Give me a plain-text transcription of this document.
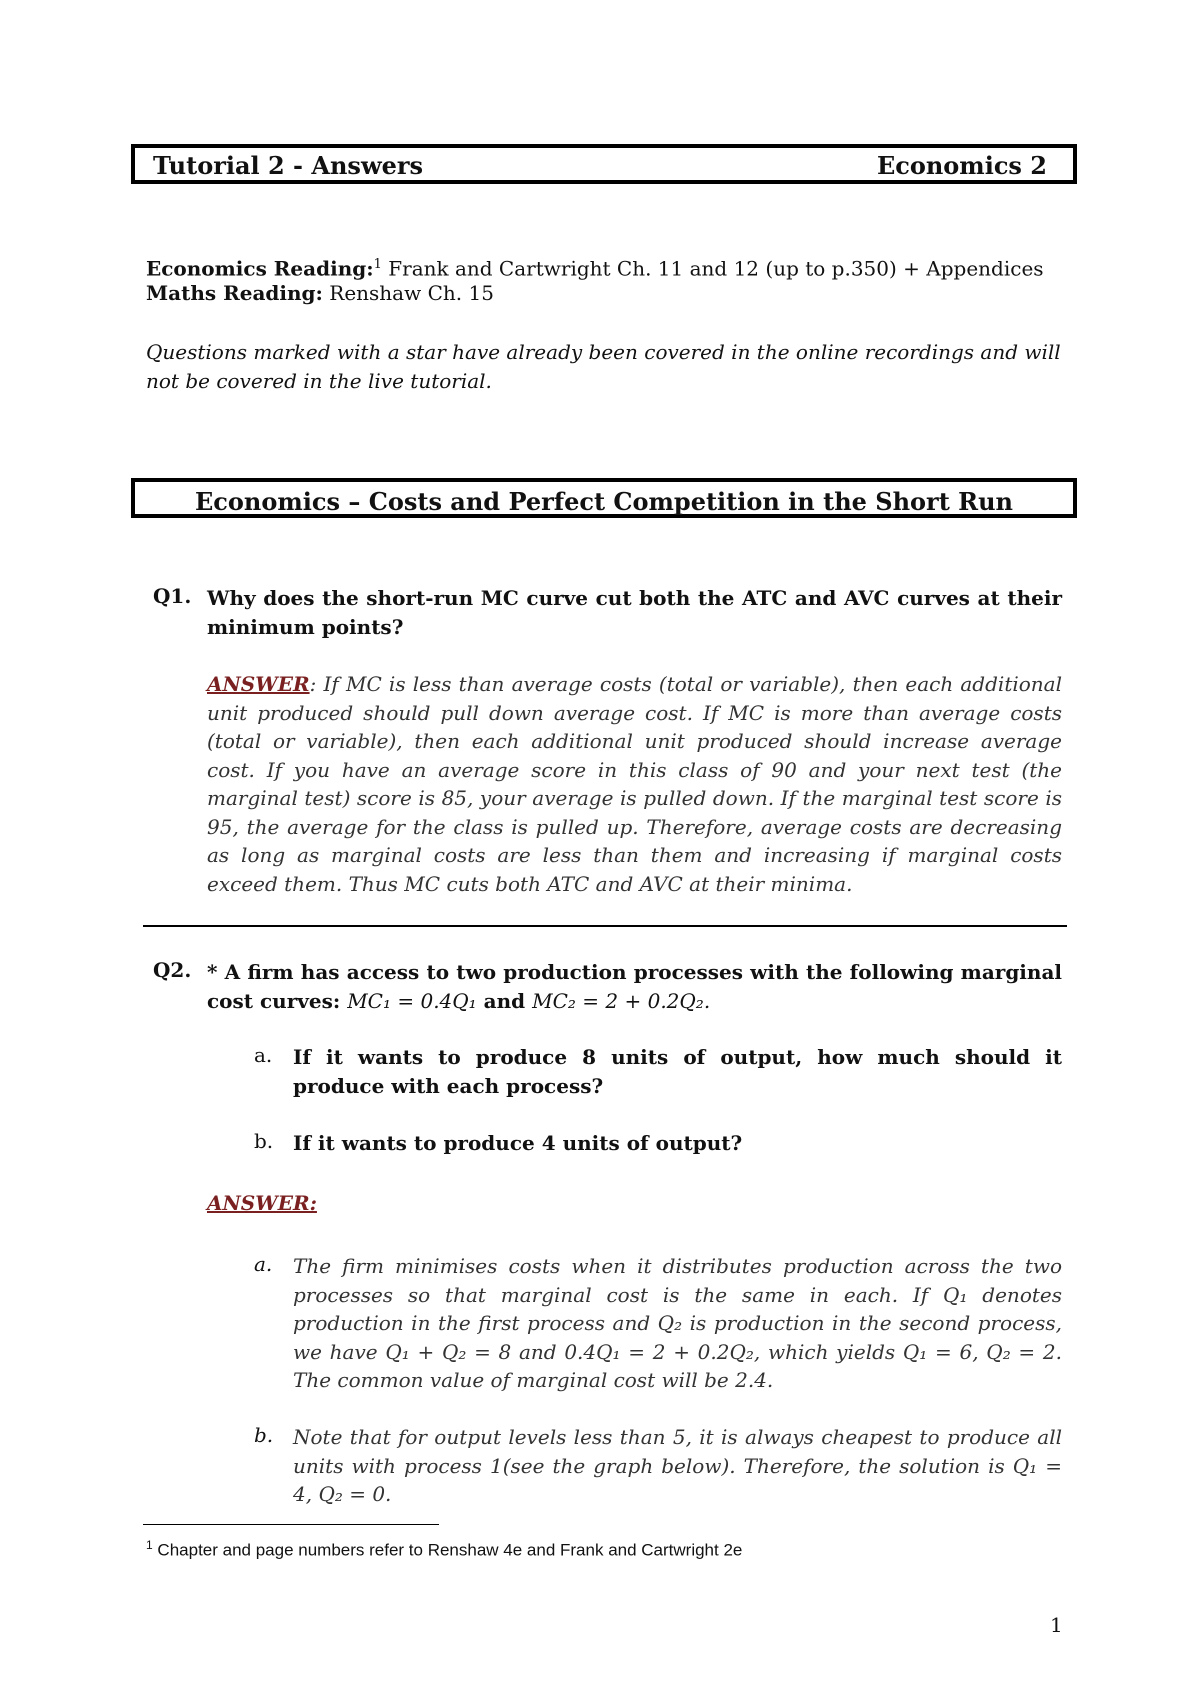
Tutorial 2 - Answers	Economics 2
Economics Reading:$^1$ Frank and Cartwright Ch. 11 and 12 (up to p.350) + Appendices
Maths Reading: Renshaw Ch. 15
Questions marked with a star have already been covered in the online recordings and will not be covered in the live tutorial.
Economics – Costs and Perfect Competition in the Short Run
Q1. Why does the short-run MC curve cut both the ATC and AVC curves at their minimum points?
ANSWER: If MC is less than average costs (total or variable), then each additional unit produced should pull down average cost. If MC is more than average costs (total or variable), then each additional unit produced should increase average cost. If you have an average score in this class of 90 and your next test (the marginal test) score is 85, your average is pulled down. If the marginal test score is 95, the average for the class is pulled up. Therefore, average costs are decreasing as long as marginal costs are less than them and increasing if marginal costs exceed them. Thus MC cuts both ATC and AVC at their minima.
Q2. * A firm has access to two production processes with the following marginal cost curves: MC₁ = 0.4Q₁ and MC₂ = 2 + 0.2Q₂.
a. If it wants to produce 8 units of output, how much should it produce with each process?
b. If it wants to produce 4 units of output?
ANSWER:
a. The firm minimises costs when it distributes production across the two processes so that marginal cost is the same in each. If Q₁ denotes production in the first process and Q₂ is production in the second process, we have Q₁ + Q₂ = 8 and 0.4Q₁ = 2 + 0.2Q₂, which yields Q₁ = 6, Q₂ = 2. The common value of marginal cost will be 2.4.
b. Note that for output levels less than 5, it is always cheapest to produce all units with process 1(see the graph below). Therefore, the solution is Q₁ = 4, Q₂ = 0.
$^1$ Chapter and page numbers refer to Renshaw 4e and Frank and Cartwright 2e
1
